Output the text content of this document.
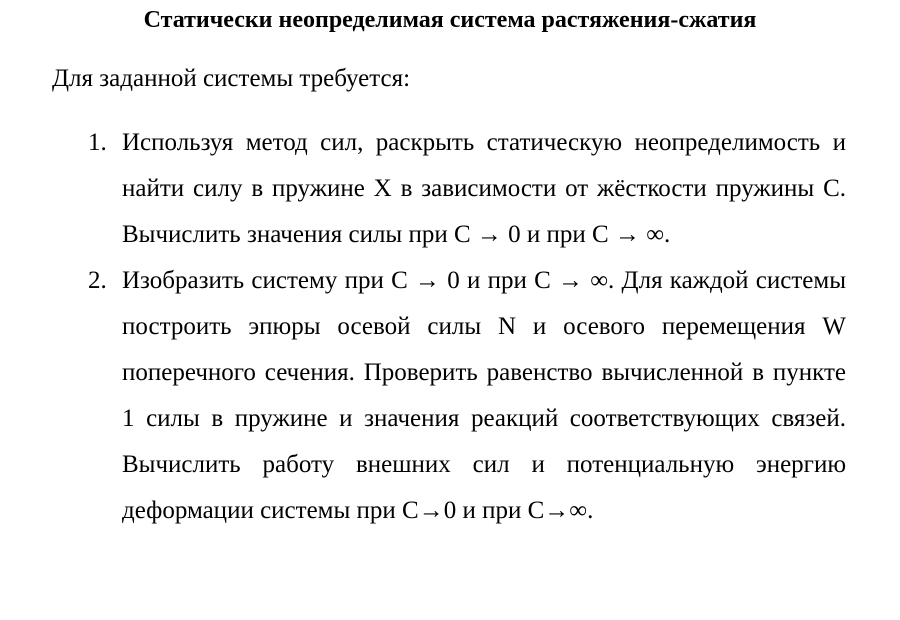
Статически неопределимая система растяжения-сжатия
Для заданной системы требуется:
1. Используя метод сил, раскрыть статическую неопределимость и найти силу в пружине X в зависимости от жёсткости пружины C. Вычислить значения силы при C → 0 и при C → ∞.
2. Изобразить систему при C → 0 и при C → ∞. Для каждой системы построить эпюры осевой силы N и осевого перемещения W поперечного сечения. Проверить равенство вычисленной в пункте 1 силы в пружине и значения реакций соответствующих связей. Вычислить работу внешних сил и потенциальную энергию деформации системы при C→0 и при C→∞.
